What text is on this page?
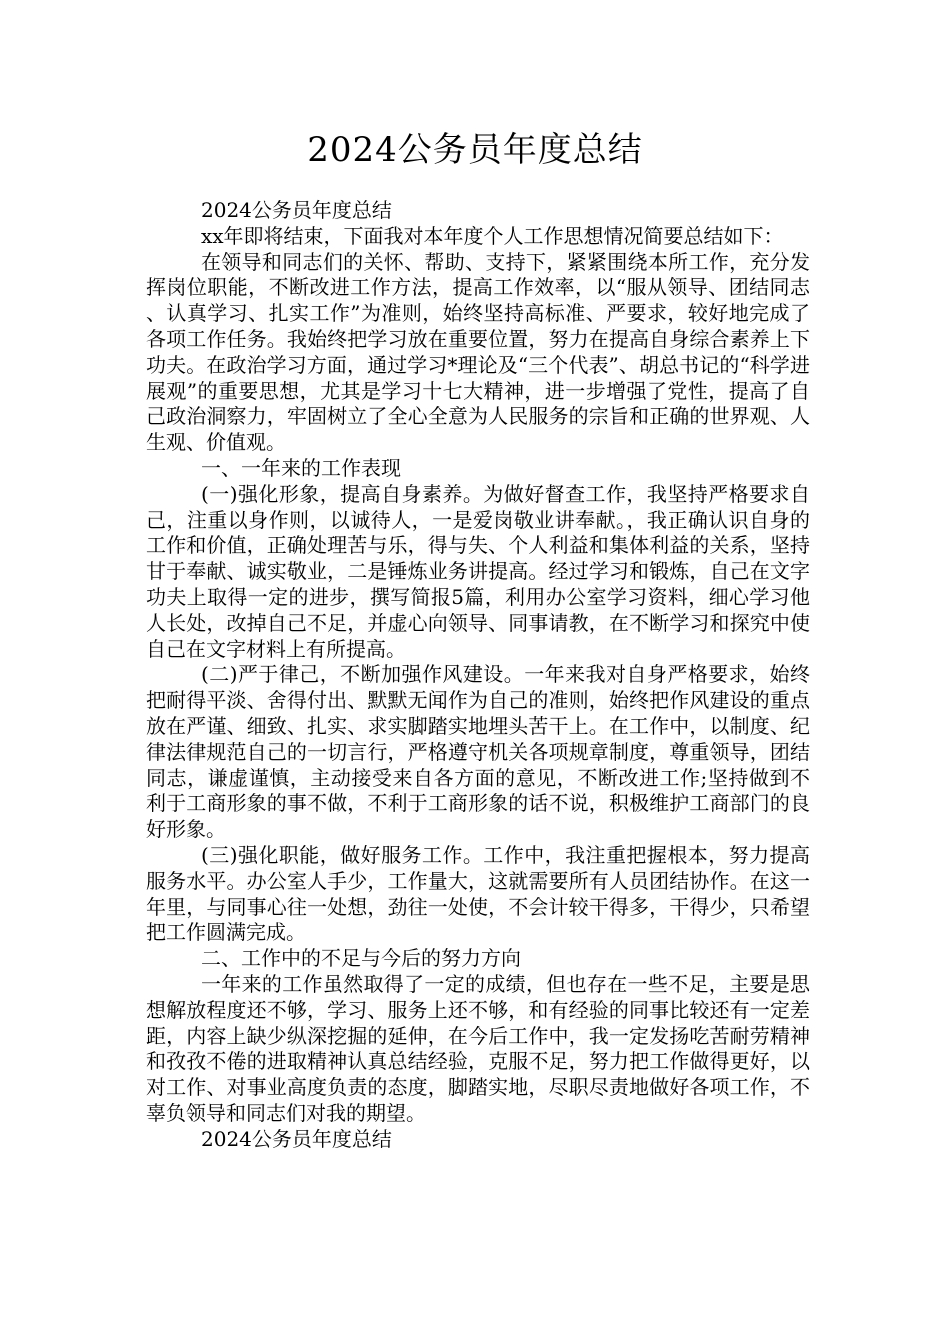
2024公务员年度总结

2024公务员年度总结

xx年即将结束，下面我对本年度个人工作思想情况简要总结如下：

在领导和同志们的关怀、帮助、支持下，紧紧围绕本所工作，充分发挥岗位职能，不断改进工作方法，提高工作效率，以“服从领导、团结同志、认真学习、扎实工作”为准则，始终坚持高标准、严要求，较好地完成了各项工作任务。我始终把学习放在重要位置，努力在提高自身综合素养上下功夫。在政治学习方面，通过学习*理论及“三个代表”、胡总书记的“科学进展观”的重要思想，尤其是学习十七大精神，进一步增强了党性，提高了自己政治洞察力，牢固树立了全心全意为人民服务的宗旨和正确的世界观、人生观、价值观。

一、一年来的工作表现

(一)强化形象，提高自身素养。为做好督查工作，我坚持严格要求自己，注重以身作则，以诚待人，一是爱岗敬业讲奉献。，我正确认识自身的工作和价值，正确处理苦与乐，得与失、个人利益和集体利益的关系，坚持甘于奉献、诚实敬业，二是锤炼业务讲提高。经过学习和锻炼，自己在文字功夫上取得一定的进步，撰写简报5篇，利用办公室学习资料，细心学习他人长处，改掉自己不足，并虚心向领导、同事请教，在不断学习和探究中使自己在文字材料上有所提高。

(二)严于律己，不断加强作风建设。一年来我对自身严格要求，始终把耐得平淡、舍得付出、默默无闻作为自己的准则，始终把作风建设的重点放在严谨、细致、扎实、求实脚踏实地埋头苦干上。在工作中，以制度、纪律法律规范自己的一切言行，严格遵守机关各项规章制度，尊重领导，团结同志，谦虚谨慎，主动接受来自各方面的意见，不断改进工作;坚持做到不利于工商形象的事不做，不利于工商形象的话不说，积极维护工商部门的良好形象。

(三)强化职能，做好服务工作。工作中，我注重把握根本，努力提高服务水平。办公室人手少，工作量大，这就需要所有人员团结协作。在这一年里，与同事心往一处想，劲往一处使，不会计较干得多，干得少，只希望把工作圆满完成。

二、工作中的不足与今后的努力方向

一年来的工作虽然取得了一定的成绩，但也存在一些不足，主要是思想解放程度还不够，学习、服务上还不够，和有经验的同事比较还有一定差距，内容上缺少纵深挖掘的延伸，在今后工作中，我一定发扬吃苦耐劳精神和孜孜不倦的进取精神认真总结经验，克服不足，努力把工作做得更好，以对工作、对事业高度负责的态度，脚踏实地，尽职尽责地做好各项工作，不辜负领导和同志们对我的期望。

2024公务员年度总结
